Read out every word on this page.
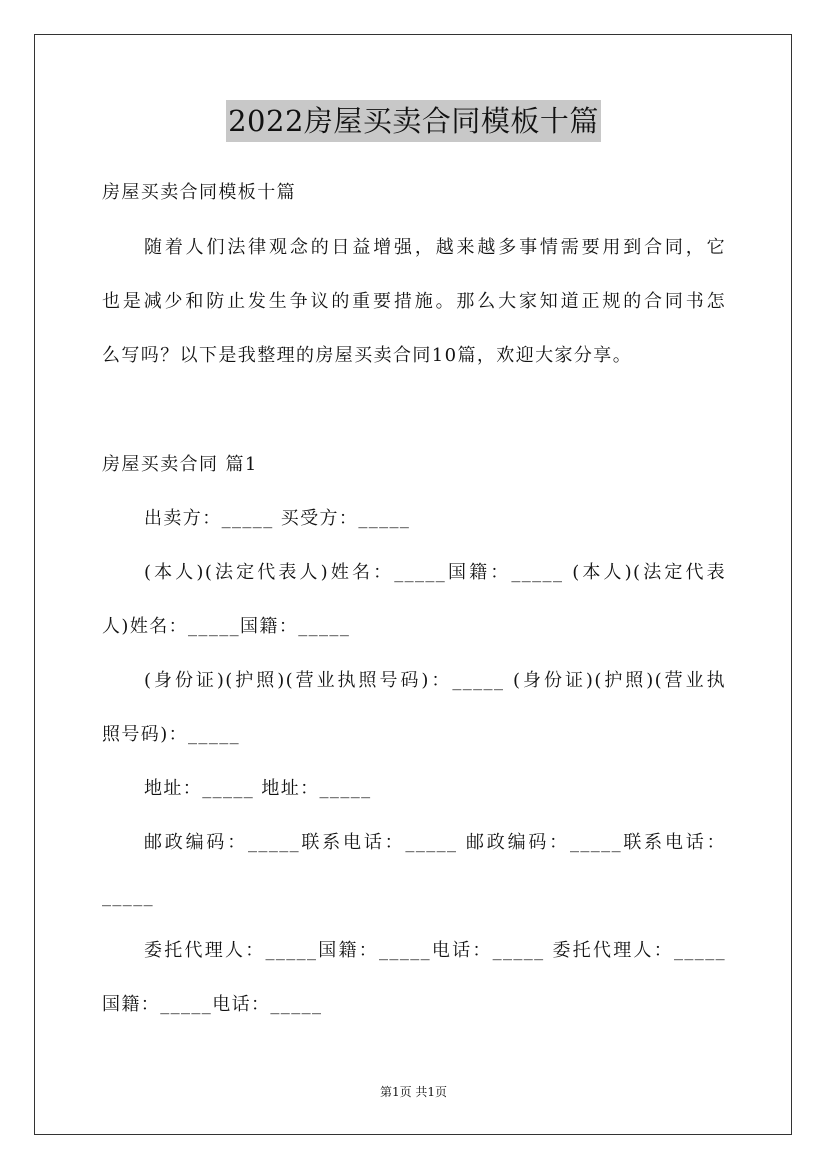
2022房屋买卖合同模板十篇
房屋买卖合同模板十篇
随着人们法律观念的日益增强，越来越多事情需要用到合同，它
也是减少和防止发生争议的重要措施。那么大家知道正规的合同书怎
么写吗？以下是我整理的房屋买卖合同10篇，欢迎大家分享。
房屋买卖合同 篇1
出卖方：_____ 买受方：_____
(本人)(法定代表人)姓名：_____国籍：_____ (本人)(法定代表
人)姓名：_____国籍：_____
(身份证)(护照)(营业执照号码)：_____ (身份证)(护照)(营业执
照号码)：_____
地址：_____ 地址：_____
邮政编码：_____联系电话：_____ 邮政编码：_____联系电话：
_____
委托代理人：_____国籍：_____电话：_____ 委托代理人：_____
国籍：_____电话：_____
第1页 共1页
